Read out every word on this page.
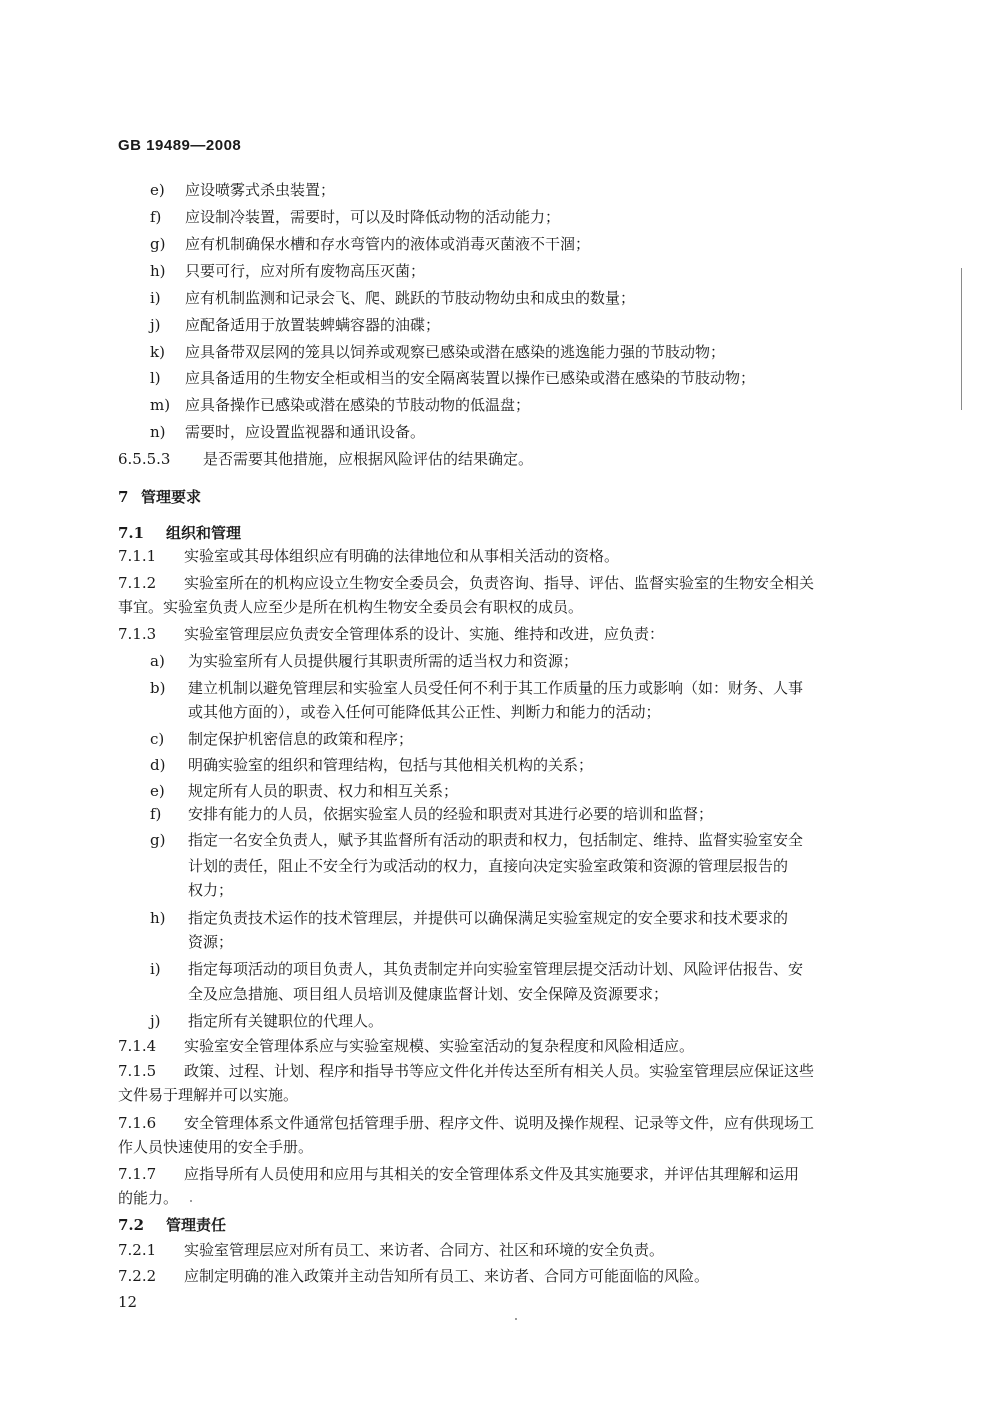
GB 19489—2008
e) 应设喷雾式杀虫装置；
f) 应设制冷装置，需要时，可以及时降低动物的活动能力；
g) 应有机制确保水槽和存水弯管内的液体或消毒灭菌液不干涸；
h) 只要可行，应对所有废物高压灭菌；
i) 应有机制监测和记录会飞、爬、跳跃的节肢动物幼虫和成虫的数量；
j) 应配备适用于放置装蜱螨容器的油碟；
k) 应具备带双层网的笼具以饲养或观察已感染或潜在感染的逃逸能力强的节肢动物；
l) 应具备适用的生物安全柜或相当的安全隔离装置以操作已感染或潜在感染的节肢动物；
m) 应具备操作已感染或潜在感染的节肢动物的低温盘；
n) 需要时，应设置监视器和通讯设备。
6.5.5.3 是否需要其他措施，应根据风险评估的结果确定。
7 管理要求
7.1 组织和管理
7.1.1 实验室或其母体组织应有明确的法律地位和从事相关活动的资格。
7.1.2 实验室所在的机构应设立生物安全委员会，负责咨询、指导、评估、监督实验室的生物安全相关
事宜。实验室负责人应至少是所在机构生物安全委员会有职权的成员。
7.1.3 实验室管理层应负责安全管理体系的设计、实施、维持和改进，应负责：
a) 为实验室所有人员提供履行其职责所需的适当权力和资源；
b) 建立机制以避免管理层和实验室人员受任何不利于其工作质量的压力或影响（如：财务、人事
或其他方面的），或卷入任何可能降低其公正性、判断力和能力的活动；
c) 制定保护机密信息的政策和程序；
d) 明确实验室的组织和管理结构，包括与其他相关机构的关系；
e) 规定所有人员的职责、权力和相互关系；
f) 安排有能力的人员，依据实验室人员的经验和职责对其进行必要的培训和监督；
g) 指定一名安全负责人，赋予其监督所有活动的职责和权力，包括制定、维持、监督实验室安全
计划的责任，阻止不安全行为或活动的权力，直接向决定实验室政策和资源的管理层报告的
权力；
h) 指定负责技术运作的技术管理层，并提供可以确保满足实验室规定的安全要求和技术要求的
资源；
i) 指定每项活动的项目负责人，其负责制定并向实验室管理层提交活动计划、风险评估报告、安
全及应急措施、项目组人员培训及健康监督计划、安全保障及资源要求；
j) 指定所有关键职位的代理人。
7.1.4 实验室安全管理体系应与实验室规模、实验室活动的复杂程度和风险相适应。
7.1.5 政策、过程、计划、程序和指导书等应文件化并传达至所有相关人员。实验室管理层应保证这些
文件易于理解并可以实施。
7.1.6 安全管理体系文件通常包括管理手册、程序文件、说明及操作规程、记录等文件，应有供现场工
作人员快速使用的安全手册。
7.1.7 应指导所有人员使用和应用与其相关的安全管理体系文件及其实施要求，并评估其理解和运用
的能力。
7.2 管理责任
7.2.1 实验室管理层应对所有员工、来访者、合同方、社区和环境的安全负责。
7.2.2 应制定明确的准入政策并主动告知所有员工、来访者、合同方可能面临的风险。
12
